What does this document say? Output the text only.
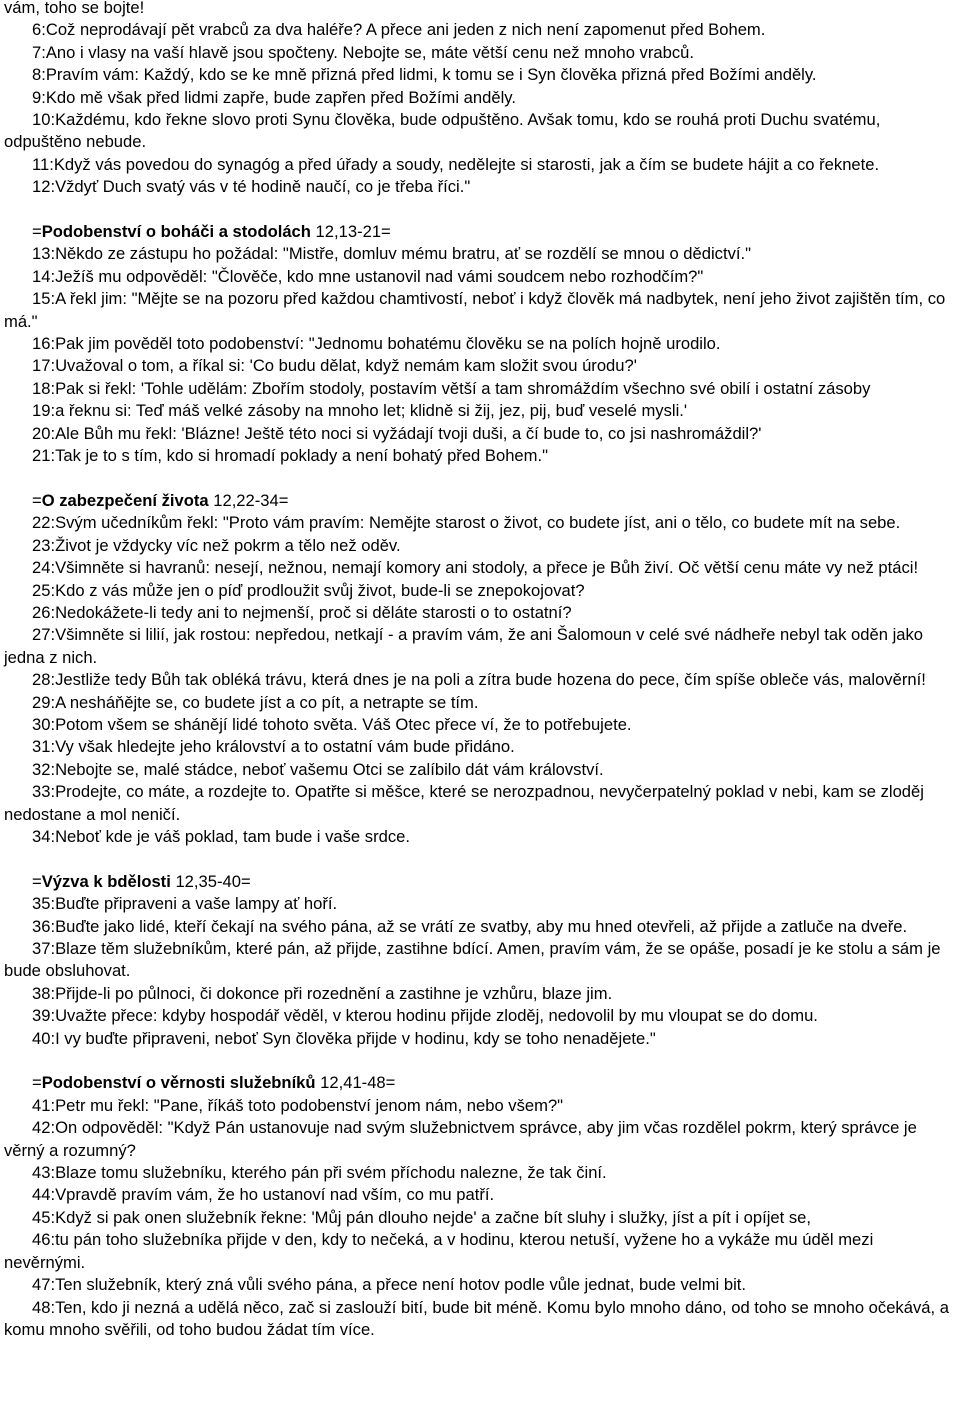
vám, toho se bojte!

6:Což neprodávají pět vrabců za dva haléře? A přece ani jeden z nich není zapomenut před Bohem.

7:Ano i vlasy na vaší hlavě jsou spočteny. Nebojte se, máte větší cenu než mnoho vrabců.

8:Pravím vám: Každý, kdo se ke mně přizná před lidmi, k tomu se i Syn člověka přizná před Božími anděly.

9:Kdo mě však před lidmi zapře, bude zapřen před Božími anděly.

10:Každému, kdo řekne slovo proti Synu člověka, bude odpuštěno. Avšak tomu, kdo se rouhá proti Duchu svatému, odpuštěno nebude.

11:Když vás povedou do synagóg a před úřady a soudy, nedělejte si starosti, jak a čím se budete hájit a co řeknete.

12:Vždyť Duch svatý vás v té hodině naučí, co je třeba říci."

=Podobenství o boháči a stodolách 12,13-21=

13:Někdo ze zástupu ho požádal: "Mistře, domluv mému bratru, ať se rozdělí se mnou o dědictví."

14:Ježíš mu odpověděl: "Člověče, kdo mne ustanovil nad vámi soudcem nebo rozhodčím?"

15:A řekl jim: "Mějte se na pozoru před každou chamtivostí, neboť i když člověk má nadbytek, není jeho život zajištěn tím, co má."

16:Pak jim pověděl toto podobenství: "Jednomu bohatému člověku se na polích hojně urodilo.

17:Uvažoval o tom, a říkal si: 'Co budu dělat, když nemám kam složit svou úrodu?'

18:Pak si řekl: 'Tohle udělám: Zbořím stodoly, postavím větší a tam shromáždím všechno své obilí i ostatní zásoby

19:a řeknu si: Teď máš velké zásoby na mnoho let; klidně si žij, jez, pij, buď veselé mysli.'

20:Ale Bůh mu řekl: 'Blázne! Ještě této noci si vyžádají tvoji duši, a čí bude to, co jsi nashromáždil?'

21:Tak je to s tím, kdo si hromadí poklady a není bohatý před Bohem."

=O zabezpečení života 12,22-34=

22:Svým učedníkům řekl: "Proto vám pravím: Nemějte starost o život, co budete jíst, ani o tělo, co budete mít na sebe.

23:Život je vždycky víc než pokrm a tělo než oděv.

24:Všimněte si havranů: nesejí, nežnou, nemají komory ani stodoly, a přece je Bůh živí. Oč větší cenu máte vy než ptáci!

25:Kdo z vás může jen o píď prodloužit svůj život, bude-li se znepokojovat?

26:Nedokážete-li tedy ani to nejmenší, proč si děláte starosti o to ostatní?

27:Všimněte si lilií, jak rostou: nepředou, netkají - a pravím vám, že ani Šalomoun v celé své nádheře nebyl tak oděn jako jedna z nich.

28:Jestliže tedy Bůh tak obléká trávu, která dnes je na poli a zítra bude hozena do pece, čím spíše obleče vás, malověrní!

29:A nesháňějte se, co budete jíst a co pít, a netrapte se tím.

30:Potom všem se shánějí lidé tohoto světa. Váš Otec přece ví, že to potřebujete.

31:Vy však hledejte jeho království a to ostatní vám bude přidáno.

32:Nebojte se, malé stádce, neboť vašemu Otci se zalíbilo dát vám království.

33:Prodejte, co máte, a rozdejte to. Opatřte si měšce, které se nerozpadnou, nevyčerpatelný poklad v nebi, kam se zloděj nedostane a mol neničí.

34:Neboť kde je váš poklad, tam bude i vaše srdce.

=Výzva k bdělosti 12,35-40=

35:Buďte připraveni a vaše lampy ať hoří.

36:Buďte jako lidé, kteří čekají na svého pána, až se vrátí ze svatby, aby mu hned otevřeli, až přijde a zatluče na dveře.

37:Blaze těm služebníkům, které pán, až přijde, zastihne bdící. Amen, pravím vám, že se opáše, posadí je ke stolu a sám je bude obsluhovat.

38:Přijde-li po půlnoci, či dokonce při rozednění a zastihne je vzhůru, blaze jim.

39:Uvažte přece: kdyby hospodář věděl, v kterou hodinu přijde zloděj, nedovolil by mu vloupat se do domu.

40:I vy buďte připraveni, neboť Syn člověka přijde v hodinu, kdy se toho nenadějete."

=Podobenství o věrnosti služebníků 12,41-48=

41:Petr mu řekl: "Pane, říkáš toto podobenství jenom nám, nebo všem?"

42:On odpověděl: "Když Pán ustanovuje nad svým služebnictvem správce, aby jim včas rozdělel pokrm, který správce je věrný a rozumný?

43:Blaze tomu služebníku, kterého pán při svém příchodu nalezne, že tak činí.

44:Vpravdě pravím vám, že ho ustanoví nad vším, co mu patří.

45:Když si pak onen služebník řekne: 'Můj pán dlouho nejde' a začne bít sluhy i služky, jíst a pít i opíjet se,

46:tu pán toho služebníka přijde v den, kdy to nečeká, a v hodinu, kterou netuší, vyžene ho a vykáže mu úděl mezi nevěrnými.

47:Ten služebník, který zná vůli svého pána, a přece není hotov podle vůle jednat, bude velmi bit.

48:Ten, kdo ji nezná a udělá něco, zač si zaslouží bití, bude bit méně. Komu bylo mnoho dáno, od toho se mnoho očekává, a komu mnoho svěřili, od toho budou žádat tím více.
